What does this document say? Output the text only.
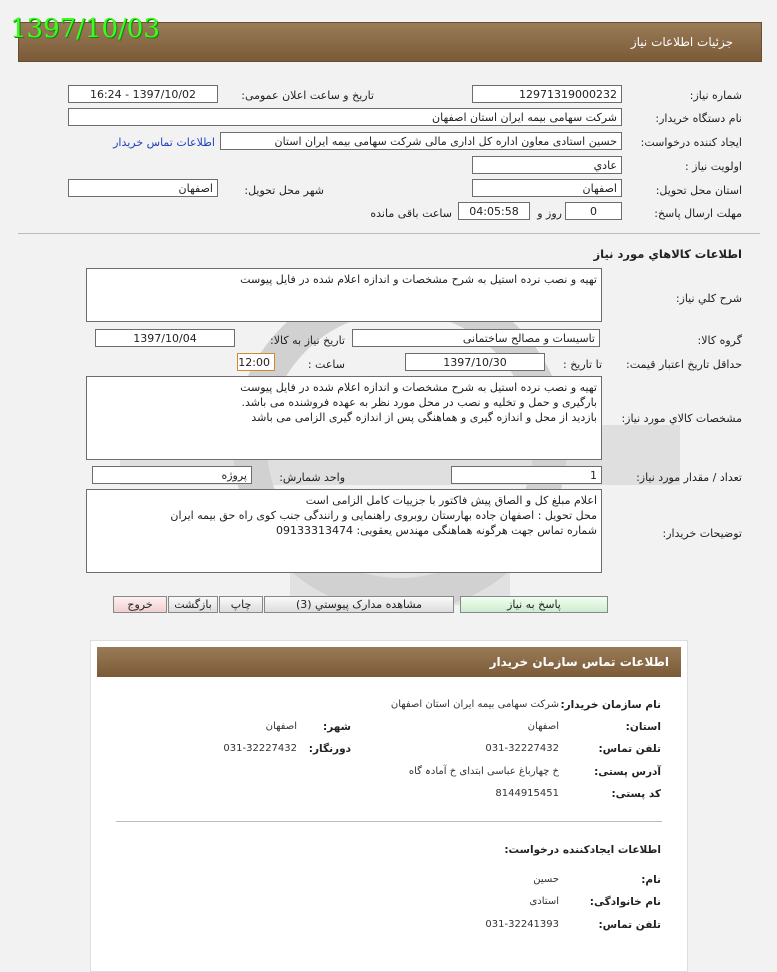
1397/10/03	جزئیات اطلاعات نیاز
شماره نیاز:
12971319000232
تاریخ و ساعت اعلان عمومی:
1397/10/02 - 16:24
نام دستگاه خریدار:
شرکت سهامی بیمه ایران استان اصفهان
ایجاد کننده درخواست:
حسین استادی معاون اداره کل اداری مالی شرکت سهامی بیمه ایران استان
اطلاعات تماس خریدار
اولویت نیاز :
عادي
استان محل تحویل:
اصفهان
شهر محل تحویل:
اصفهان
مهلت ارسال پاسخ:
0
روز و
04:05:58
ساعت باقی مانده
اطلاعات کالاهاي مورد نياز
شرح کلي نياز:
تهیه و نصب نرده استیل به شرح مشخصات و اندازه اعلام شده در فایل پیوست
گروه کالا:
تاسیسات و مصالح ساختمانی
تاریخ نیاز به کالا:
1397/10/04
حداقل تاریخ اعتبار قیمت:
تا تاریخ :
1397/10/30
ساعت :
12:00
مشخصات کالاي مورد نياز:
تهیه و نصب نرده استیل به شرح مشخصات و اندازه اعلام شده در فایل پیوست
بارگیری و حمل و تخلیه و نصب در محل مورد نظر به عهده فروشنده می باشد.
بازدید از محل و اندازه گیری و هماهنگی پس از اندازه گیری الزامی می باشد
تعداد / مقدار مورد نياز:
1
واحد شمارش:
پروژه
توضیحات خریدار:
اعلام مبلغ کل و الصاق پیش فاکتور با جزییات کامل الزامی است
محل تحویل : اصفهان جاده بهارستان روبروی راهنمایی و رانندگی جنب کوی راه حق بیمه ایران
شماره تماس جهت هرگونه هماهنگی مهندس یعقوبی: 09133313474
پاسخ به نیاز
مشاهده مدارک پیوستي (3)
چاپ
بازگشت
خروج
اطلاعات تماس سازمان خریدار
نام سازمان خریدار:
شرکت سهامی بیمه ایران استان اصفهان
استان:
اصفهان
شهر:
اصفهان
تلفن تماس:
031-32227432
دورنگار:
031-32227432
آدرس پستی:
خ چهارباغ عباسی ابتدای خ آمادہ گاه
کد پستی:
8144915451
اطلاعات ایجادکننده درخواست:
نام:
حسین
نام خانوادگی:
استادی
تلفن تماس:
031-32241393
